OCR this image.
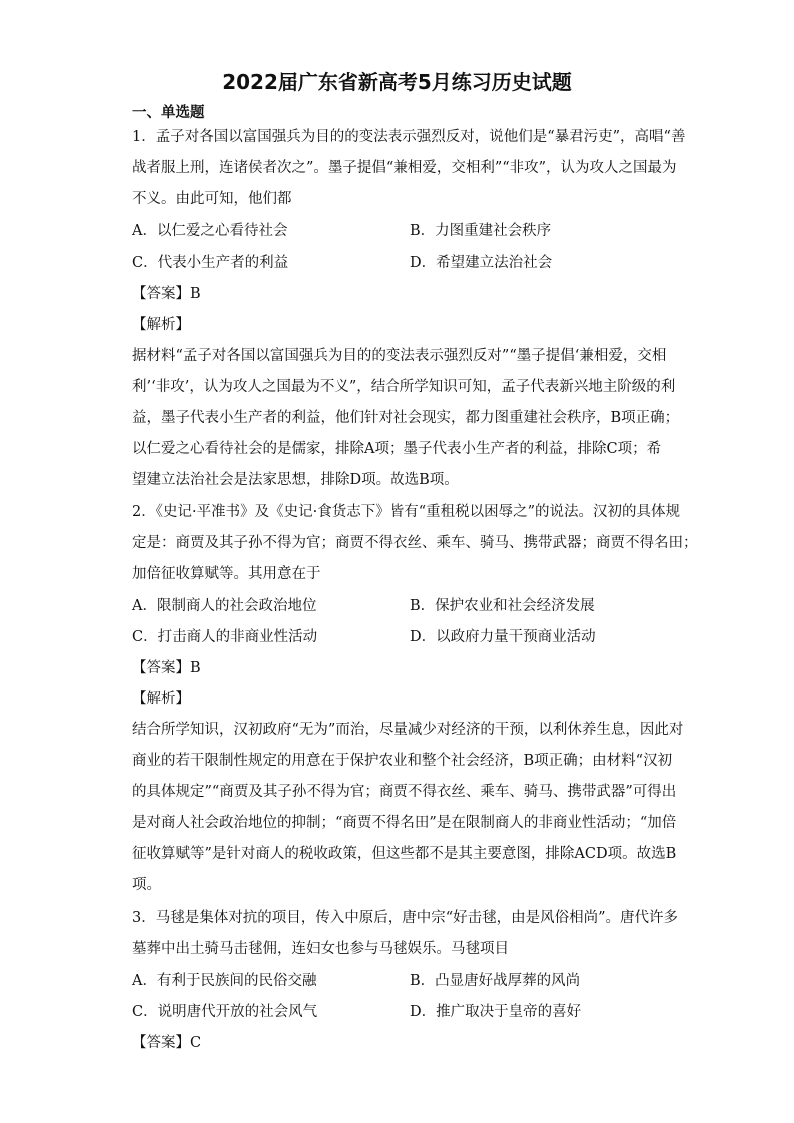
2022届广东省新高考5月练习历史试题
一、单选题
1．孟子对各国以富国强兵为目的的变法表示强烈反对，说他们是“暴君污吏”，高唱“善
战者服上刑，连诸侯者次之”。墨子提倡“兼相爱，交相利”“非攻”，认为攻人之国最为
不义。由此可知，他们都
A．以仁爱之心看待社会	B．力图重建社会秩序
C．代表小生产者的利益	D．希望建立法治社会
【答案】B
【解析】
据材料“孟子对各国以富国强兵为目的的变法表示强烈反对”“墨子提倡‘兼相爱，交相
利’‘非攻’，认为攻人之国最为不义”，结合所学知识可知，孟子代表新兴地主阶级的利
益，墨子代表小生产者的利益，他们针对社会现实，都力图重建社会秩序，B项正确；
以仁爱之心看待社会的是儒家，排除A项；墨子代表小生产者的利益，排除C项；希
望建立法治社会是法家思想，排除D项。故选B项。
2．《史记·平准书》及《史记·食货志下》皆有“重租税以困辱之”的说法。汉初的具体规
定是：商贾及其子孙不得为官；商贾不得衣丝、乘车、骑马、携带武器；商贾不得名田；
加倍征收算赋等。其用意在于
A．限制商人的社会政治地位	B．保护农业和社会经济发展
C．打击商人的非商业性活动	D．以政府力量干预商业活动
【答案】B
【解析】
结合所学知识，汉初政府“无为”而治，尽量减少对经济的干预，以利休养生息，因此对
商业的若干限制性规定的用意在于保护农业和整个社会经济，B项正确；由材料“汉初
的具体规定”“商贾及其子孙不得为官；商贾不得衣丝、乘车、骑马、携带武器”可得出
是对商人社会政治地位的抑制；“商贾不得名田”是在限制商人的非商业性活动；“加倍
征收算赋等”是针对商人的税收政策，但这些都不是其主要意图，排除ACD项。故选B
项。
3．马毬是集体对抗的项目，传入中原后，唐中宗“好击毬，由是风俗相尚”。唐代许多
墓葬中出土骑马击毬佣，连妇女也参与马毬娱乐。马毬项目
A．有利于民族间的民俗交融	B．凸显唐好战厚葬的风尚
C．说明唐代开放的社会风气	D．推广取决于皇帝的喜好
【答案】C
